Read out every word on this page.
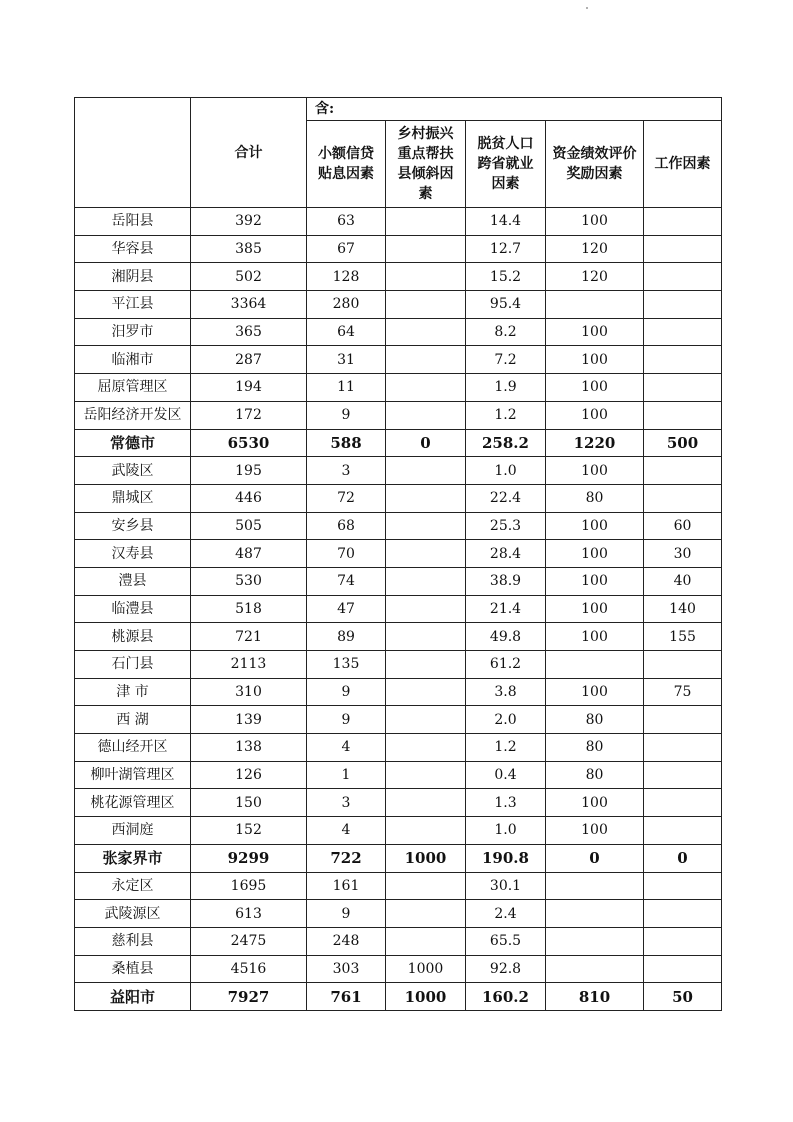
	合计	含:				
		小额信贷贴息因素	乡村振兴重点帮扶县倾斜因素	脱贫人口跨省就业因素	资金绩效评价奖励因素	工作因素
岳阳县	392	63		14.4	100	
华容县	385	67		12.7	120	
湘阴县	502	128		15.2	120	
平江县	3364	280		95.4		
汨罗市	365	64		8.2	100	
临湘市	287	31		7.2	100	
屈原管理区	194	11		1.9	100	
岳阳经济开发区	172	9		1.2	100	
常德市	6530	588	0	258.2	1220	500
武陵区	195	3		1.0	100	
鼎城区	446	72		22.4	80	
安乡县	505	68		25.3	100	60
汉寿县	487	70		28.4	100	30
澧县	530	74		38.9	100	40
临澧县	518	47		21.4	100	140
桃源县	721	89		49.8	100	155
石门县	2113	135		61.2		
津 市	310	9		3.8	100	75
西 湖	139	9		2.0	80	
德山经开区	138	4		1.2	80	
柳叶湖管理区	126	1		0.4	80	
桃花源管理区	150	3		1.3	100	
西洞庭	152	4		1.0	100	
张家界市	9299	722	1000	190.8	0	0
永定区	1695	161		30.1		
武陵源区	613	9		2.4		
慈利县	2475	248		65.5		
桑植县	4516	303	1000	92.8		
益阳市	7927	761	1000	160.2	810	50
